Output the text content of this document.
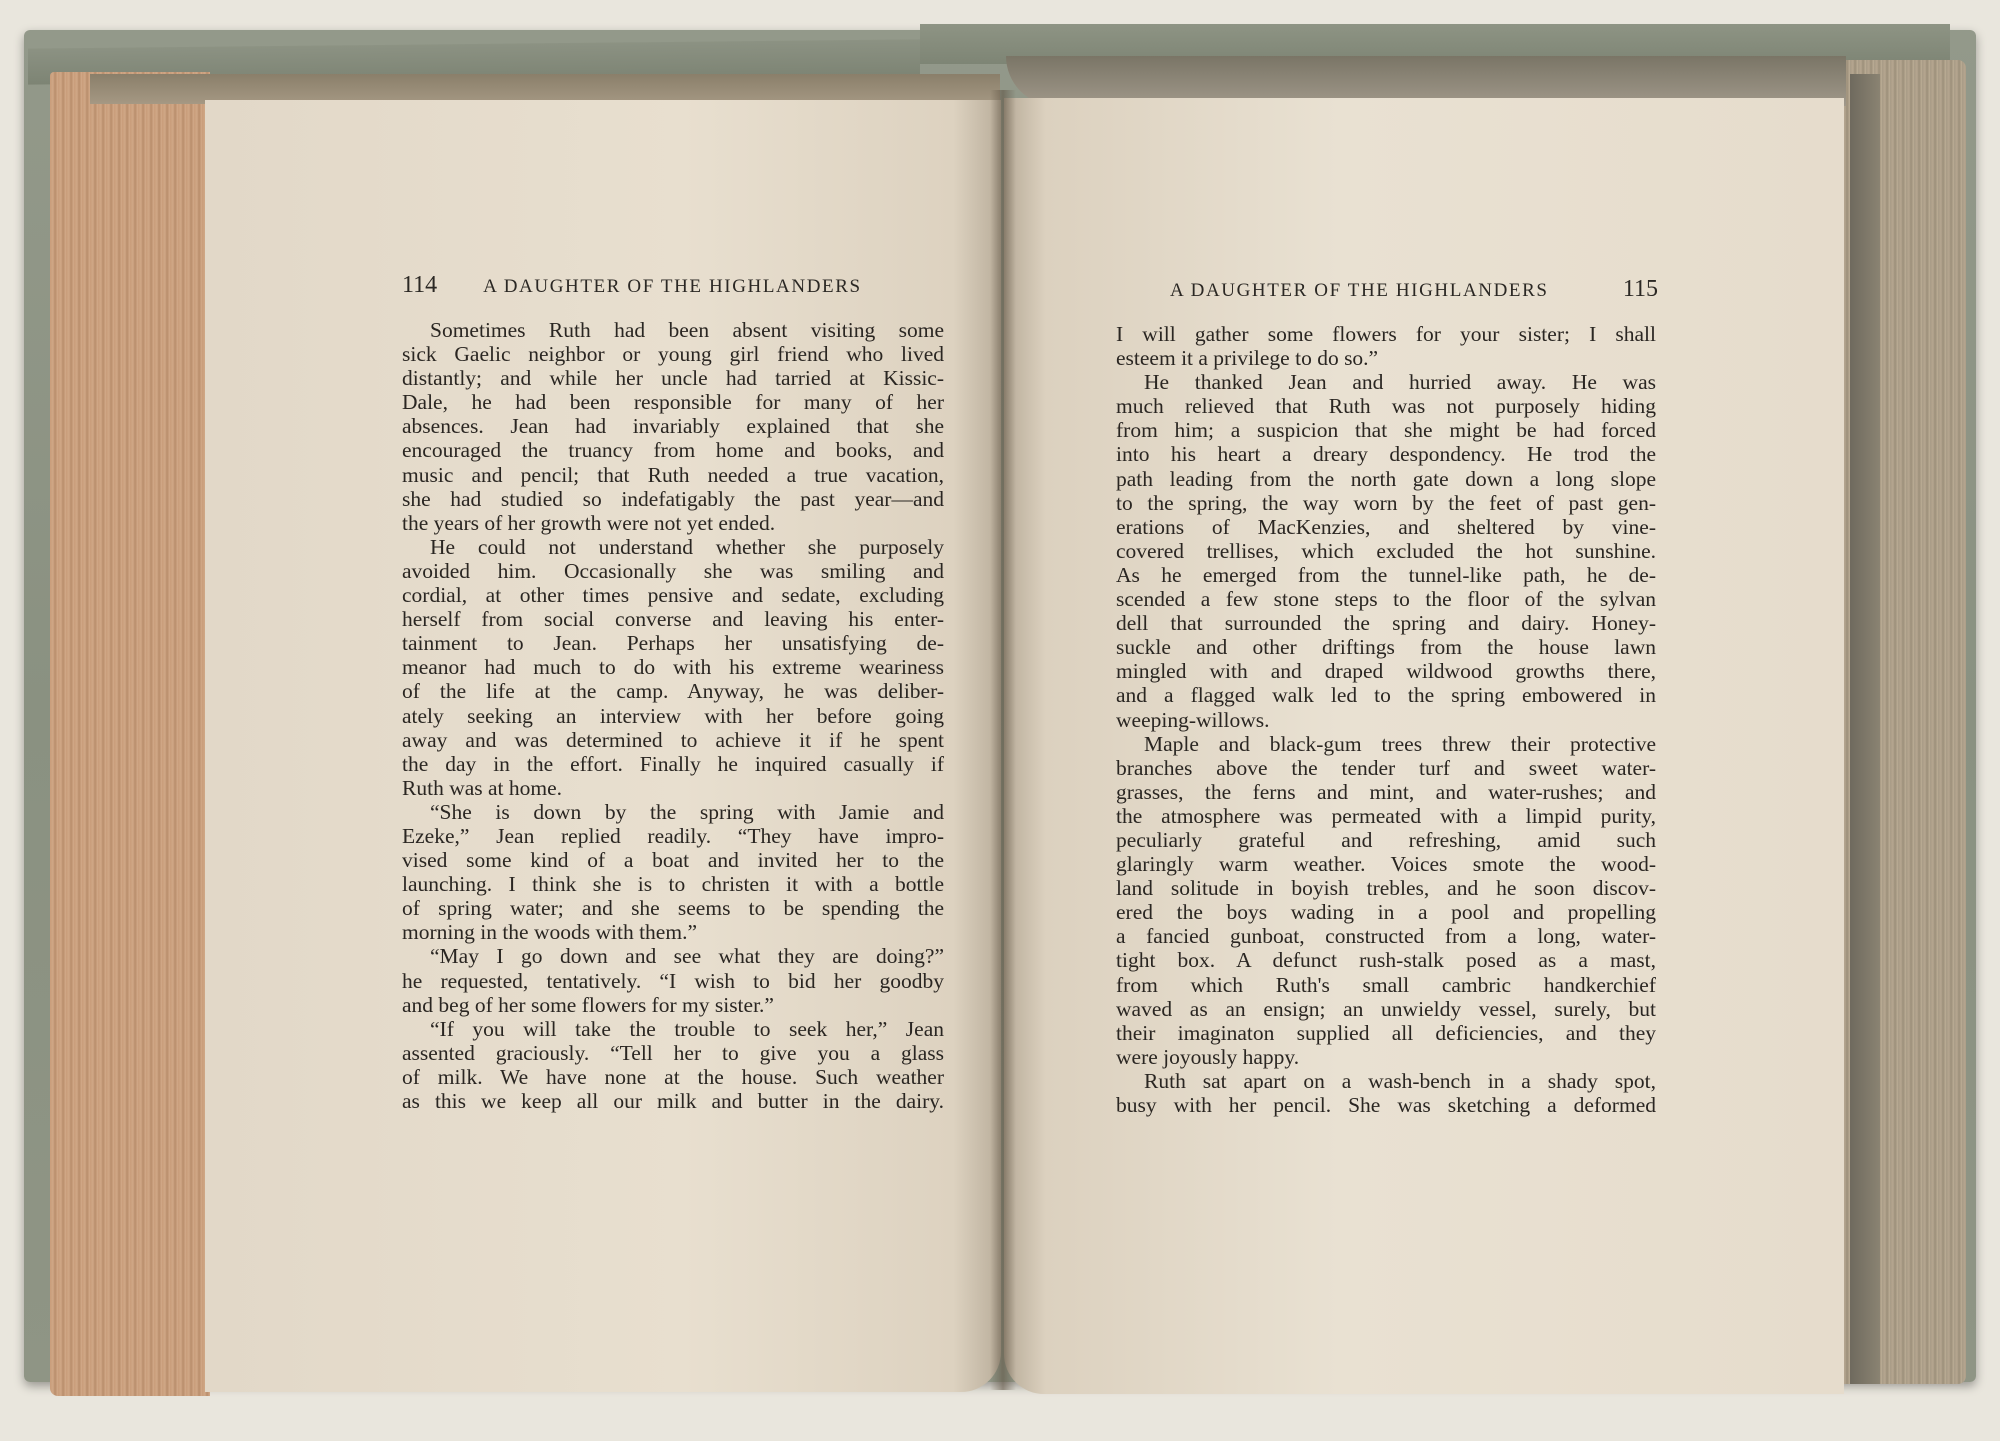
114 A DAUGHTER OF THE HIGHLANDERS	A DAUGHTER OF THE HIGHLANDERS	115
Sometimes Ruth had been absent visiting some
sick Gaelic neighbor or young girl friend who lived
distantly; and while her uncle had tarried at Kissic-
Dale, he had been responsible for many of her
absences. Jean had invariably explained that she
encouraged the truancy from home and books, and
music and pencil; that Ruth needed a true vacation,
she had studied so indefatigably the past year—and
the years of her growth were not yet ended.
He could not understand whether she purposely
avoided him. Occasionally she was smiling and
cordial, at other times pensive and sedate, excluding
herself from social converse and leaving his enter-
tainment to Jean. Perhaps her unsatisfying de-
meanor had much to do with his extreme weariness
of the life at the camp. Anyway, he was deliber-
ately seeking an interview with her before going
away and was determined to achieve it if he spent
the day in the effort. Finally he inquired casually if
Ruth was at home.
“She is down by the spring with Jamie and
Ezeke,” Jean replied readily. “They have impro-
vised some kind of a boat and invited her to the
launching. I think she is to christen it with a bottle
of spring water; and she seems to be spending the
morning in the woods with them.”
“May I go down and see what they are doing?”
he requested, tentatively. “I wish to bid her goodby
and beg of her some flowers for my sister.”
“If you will take the trouble to seek her,” Jean
assented graciously. “Tell her to give you a glass
of milk. We have none at the house. Such weather
as this we keep all our milk and butter in the dairy.
I will gather some flowers for your sister; I shall
esteem it a privilege to do so.”
He thanked Jean and hurried away. He was
much relieved that Ruth was not purposely hiding
from him; a suspicion that she might be had forced
into his heart a dreary despondency. He trod the
path leading from the north gate down a long slope
to the spring, the way worn by the feet of past gen-
erations of MacKenzies, and sheltered by vine-
covered trellises, which excluded the hot sunshine.
As he emerged from the tunnel-like path, he de-
scended a few stone steps to the floor of the sylvan
dell that surrounded the spring and dairy. Honey-
suckle and other driftings from the house lawn
mingled with and draped wildwood growths there,
and a flagged walk led to the spring embowered in
weeping-willows.
Maple and black-gum trees threw their protective
branches above the tender turf and sweet water-
grasses, the ferns and mint, and water-rushes; and
the atmosphere was permeated with a limpid purity,
peculiarly grateful and refreshing, amid such
glaringly warm weather. Voices smote the wood-
land solitude in boyish trebles, and he soon discov-
ered the boys wading in a pool and propelling
a fancied gunboat, constructed from a long, water-
tight box. A defunct rush-stalk posed as a mast,
from which Ruth's small cambric handkerchief
waved as an ensign; an unwieldy vessel, surely, but
their imaginaton supplied all deficiencies, and they
were joyously happy.
Ruth sat apart on a wash-bench in a shady spot,
busy with her pencil. She was sketching a deformed
